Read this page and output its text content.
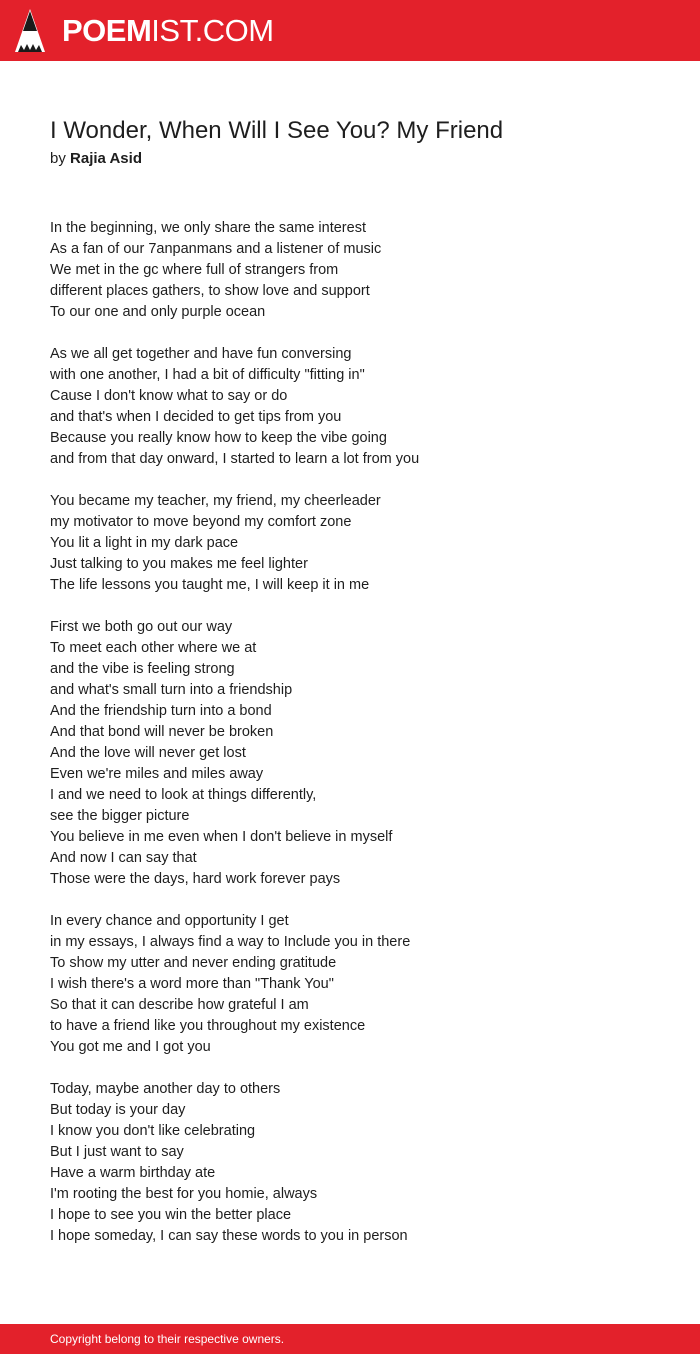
POEMIST.COM
I Wonder, When Will I See You? My Friend
by Rajia Asid

In the beginning, we only share the same interest
As a fan of our 7anpanmans and a listener of music
We met in the gc where full of strangers from
different places gathers, to show love and support
To our one and only purple ocean

As we all get together and have fun conversing
with one another, I had a bit of difficulty "fitting in"
Cause I don't know what to say or do
and that's when I decided to get tips from you
Because you really know how to keep the vibe going
and from that day onward, I started to learn a lot from you

You became my teacher, my friend, my cheerleader
my motivator to move beyond my comfort zone
You lit a light in my dark pace
Just talking to you makes me feel lighter
The life lessons you taught me, I will keep it in me

First we both go out our way
To meet each other where we at
and the vibe is feeling strong
and what's small turn into a friendship
And the friendship turn into a bond
And that bond will never be broken
And the love will never get lost
Even we're miles and miles away
I and we need to look at things differently,
see the bigger picture
You believe in me even when I don't believe in myself
And now I can say that
Those were the days, hard work forever pays

In every chance and opportunity I get
in my essays, I always find a way to Include you in there
To show my utter and never ending gratitude
I wish there's a word more than "Thank You"
So that it can describe how grateful I am
to have a friend like you throughout my existence
You got me and I got you

Today, maybe another day to others
But today is your day
I know you don't like celebrating
But I just want to say
Have a warm birthday ate
I'm rooting the best for you homie, always
I hope to see you win the better place
I hope someday, I can say these words to you in person

Copyright belong to their respective owners.
